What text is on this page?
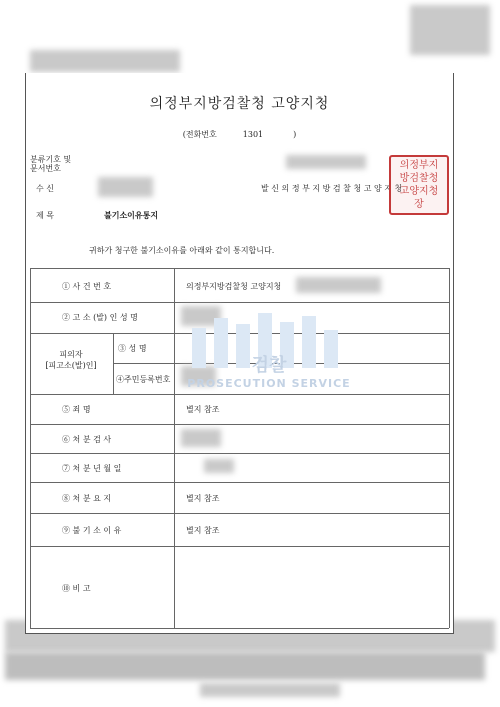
의정부지방검찰청 고양지청
(전화번호	1301	)
분류기호 및
문서번호
수 신	발 신 의 정 부 지 방 검 찰 청 고 양 지 청
제 목	불기소이유통지
의정부지방검찰청고양지청장
귀하가 청구한 불기소이유를 아래와 같이 통지합니다.
① 사 건 번 호	의정부지방검찰청 고양지청
② 고 소 (발) 인 성 명
피의자
[피고소(발)인]
③ 성 명
④주민등록번호
⑤ 죄 명	별지 참조
⑥ 처 분 검 사
⑦ 처 분 년 월 일
⑧ 처 분 요 지	별지 참조
⑨ 불 기 소 이 유	별지 참조
⑩ 비 고
검찰
PROSECUTION SERVICE
